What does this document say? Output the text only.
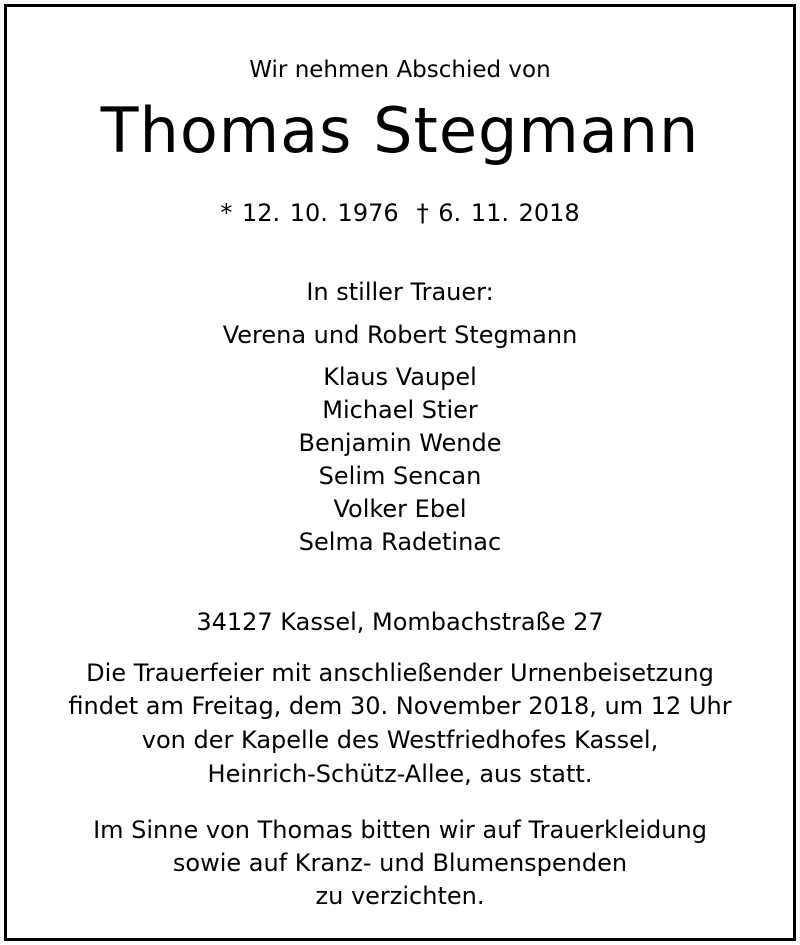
Wir nehmen Abschied von
Thomas Stegmann
* 12. 10. 1976 † 6. 11. 2018
In stiller Trauer:
Verena und Robert Stegmann
Klaus Vaupel
Michael Stier
Benjamin Wende
Selim Sencan
Volker Ebel
Selma Radetinac
34127 Kassel, Mombachstraße 27
Die Trauerfeier mit anschließender Urnenbeisetzung
findet am Freitag, dem 30. November 2018, um 12 Uhr
von der Kapelle des Westfriedhofes Kassel,
Heinrich-Schütz-Allee, aus statt.
Im Sinne von Thomas bitten wir auf Trauerkleidung
sowie auf Kranz- und Blumenspenden
zu verzichten.
